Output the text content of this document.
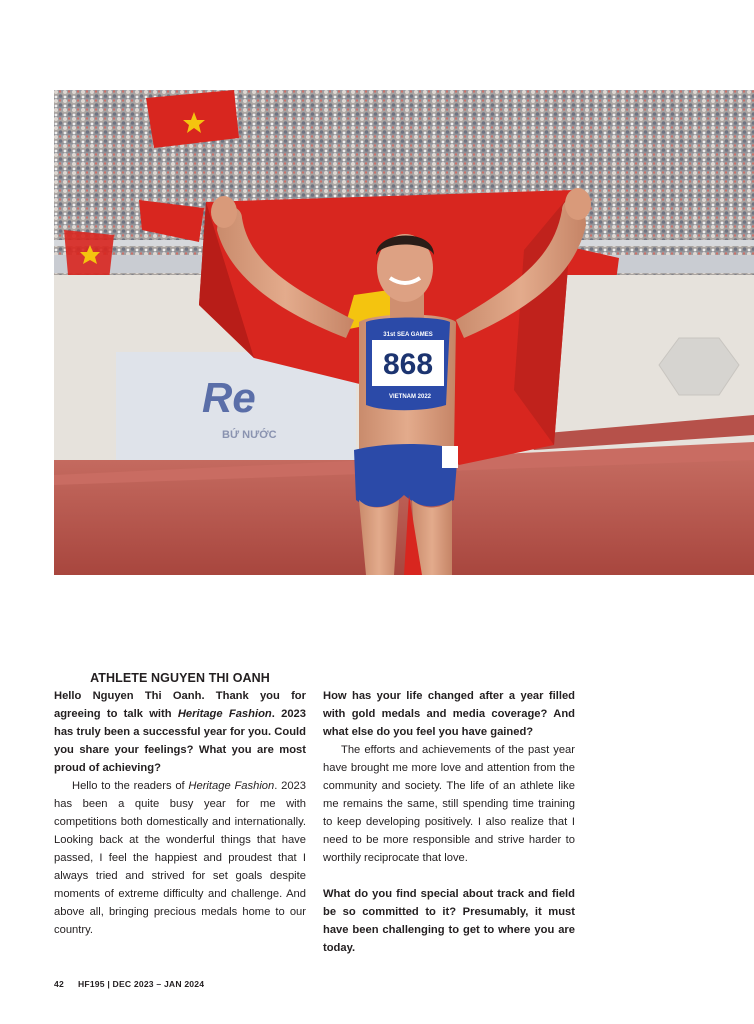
Re
BỨ NƯỚC
31st SEA GAMES
868
VIETNAM 2022

ATHLETE NGUYEN THI OANH

Hello Nguyen Thi Oanh. Thank you for agreeing to talk with Heritage Fashion. 2023 has truly been a successful year for you. Could you share your feelings? What you are most proud of achieving?

Hello to the readers of Heritage Fashion. 2023 has been a quite busy year for me with competitions both domestically and internationally. Looking back at the wonderful things that have passed, I feel the happiest and proudest that I always tried and strived for set goals despite moments of extreme difficulty and challenge. And above all, bringing precious medals home to our country.

How has your life changed after a year filled with gold medals and media coverage? And what else do you feel you have gained?

The efforts and achievements of the past year have brought me more love and attention from the community and society. The life of an athlete like me remains the same, still spending time training to keep developing positively. I also realize that I need to be more responsible and strive harder to worthily reciprocate that love.

What do you find special about track and field be so committed to it? Presumably, it must have been challenging to get to where you are today.

42 HF195 | DEC 2023 – JAN 2024
